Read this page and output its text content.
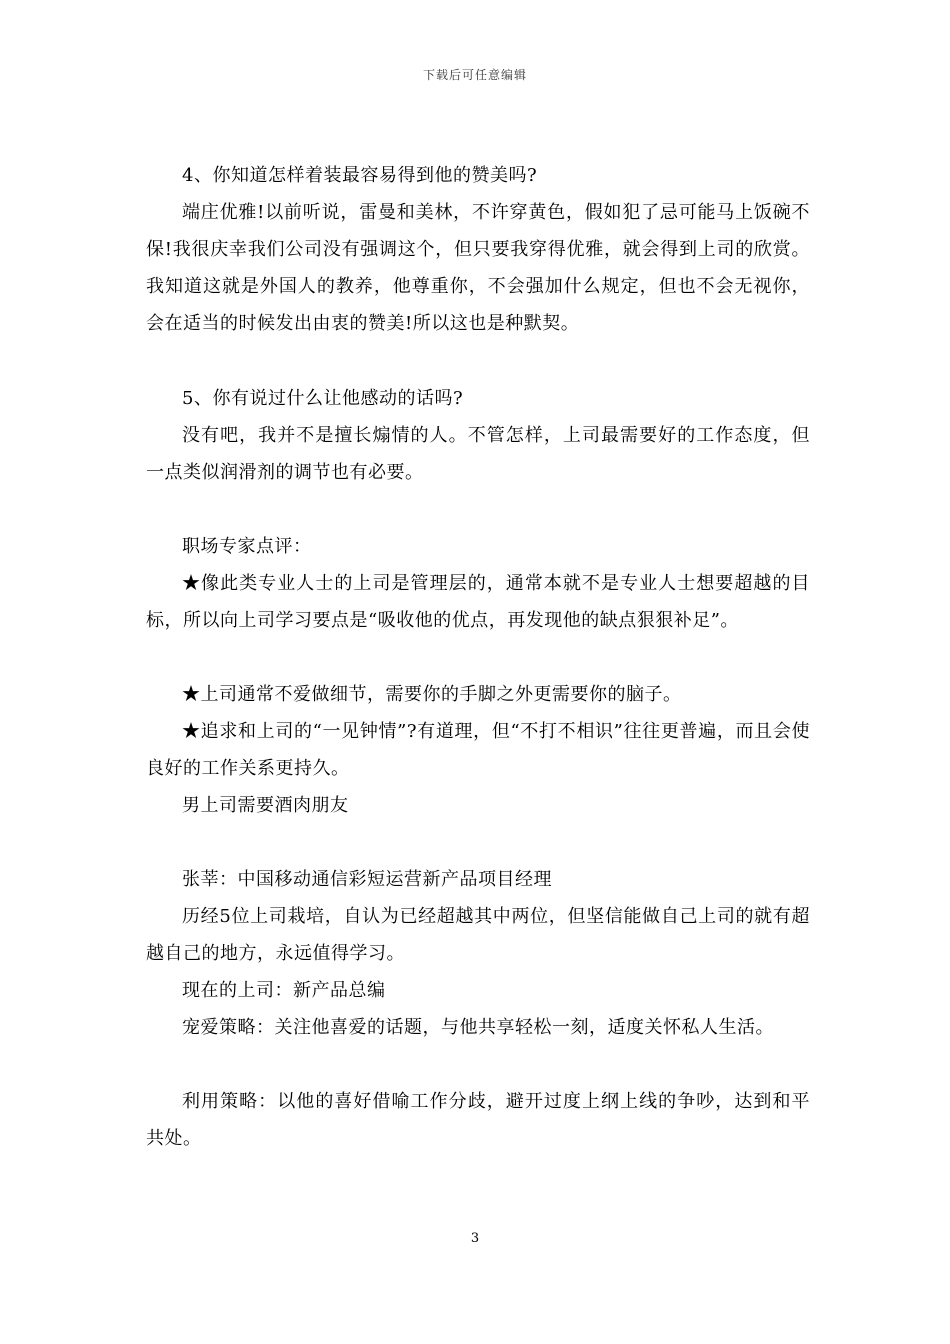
下载后可任意编辑

4、你知道怎样着装最容易得到他的赞美吗?

端庄优雅!以前听说，雷曼和美林，不许穿黄色，假如犯了忌可能马上饭碗不保!我很庆幸我们公司没有强调这个，但只要我穿得优雅，就会得到上司的欣赏。我知道这就是外国人的教养，他尊重你，不会强加什么规定，但也不会无视你，会在适当的时候发出由衷的赞美!所以这也是种默契。

5、你有说过什么让他感动的话吗?

没有吧，我并不是擅长煽情的人。不管怎样，上司最需要好的工作态度，但一点类似润滑剂的调节也有必要。

职场专家点评：

★像此类专业人士的上司是管理层的，通常本就不是专业人士想要超越的目标，所以向上司学习要点是“吸收他的优点，再发现他的缺点狠狠补足”。

★上司通常不爱做细节，需要你的手脚之外更需要你的脑子。

★追求和上司的“一见钟情”?有道理，但“不打不相识”往往更普遍，而且会使良好的工作关系更持久。

男上司需要酒肉朋友

张莘：中国移动通信彩短运营新产品项目经理

历经5位上司栽培，自认为已经超越其中两位，但坚信能做自己上司的就有超越自己的地方，永远值得学习。

现在的上司：新产品总编

宠爱策略：关注他喜爱的话题，与他共享轻松一刻，适度关怀私人生活。

利用策略：以他的喜好借喻工作分歧，避开过度上纲上线的争吵，达到和平共处。

3
